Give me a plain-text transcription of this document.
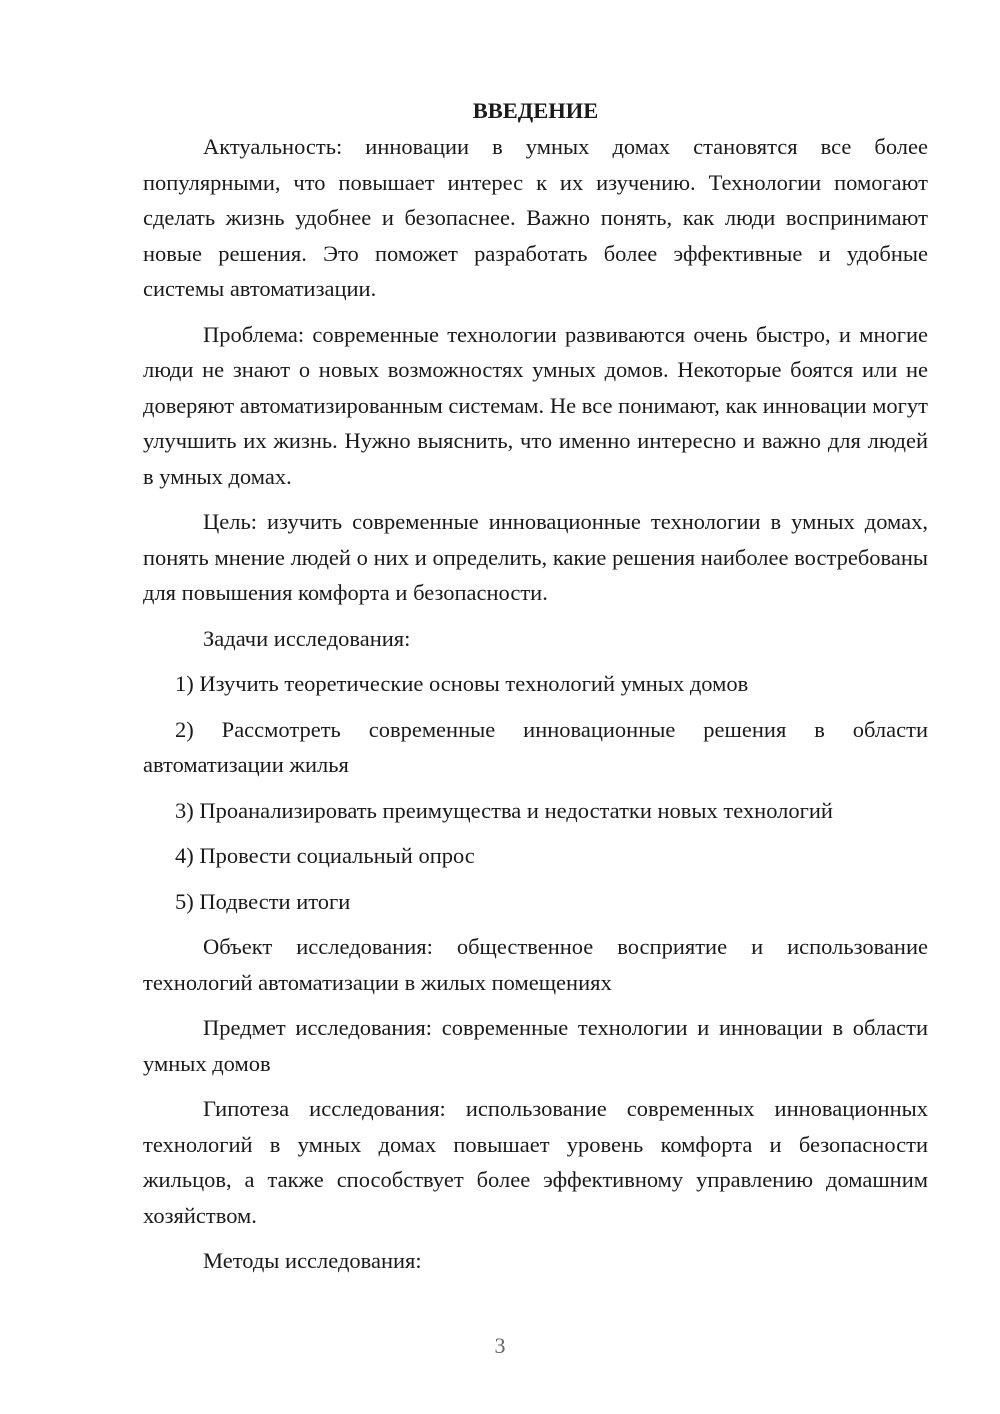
ВВЕДЕНИЕ

Актуальность: инновации в умных домах становятся все более популярными, что повышает интерес к их изучению. Технологии помогают сделать жизнь удобнее и безопаснее. Важно понять, как люди воспринимают новые решения. Это поможет разработать более эффективные и удобные системы автоматизации.

Проблема: современные технологии развиваются очень быстро, и многие люди не знают о новых возможностях умных домов. Некоторые боятся или не доверяют автоматизированным системам. Не все понимают, как инновации могут улучшить их жизнь. Нужно выяснить, что именно интересно и важно для людей в умных домах.

Цель: изучить современные инновационные технологии в умных домах, понять мнение людей о них и определить, какие решения наиболее востребованы для повышения комфорта и безопасности.

Задачи исследования:

1) Изучить теоретические основы технологий умных домов

2) Рассмотреть современные инновационные решения в области автоматизации жилья

3) Проанализировать преимущества и недостатки новых технологий

4) Провести социальный опрос

5) Подвести итоги

Объект исследования: общественное восприятие и использование технологий автоматизации в жилых помещениях

Предмет исследования: современные технологии и инновации в области умных домов

Гипотеза исследования: использование современных инновационных технологий в умных домах повышает уровень комфорта и безопасности жильцов, а также способствует более эффективному управлению домашним хозяйством.

Методы исследования:

3
